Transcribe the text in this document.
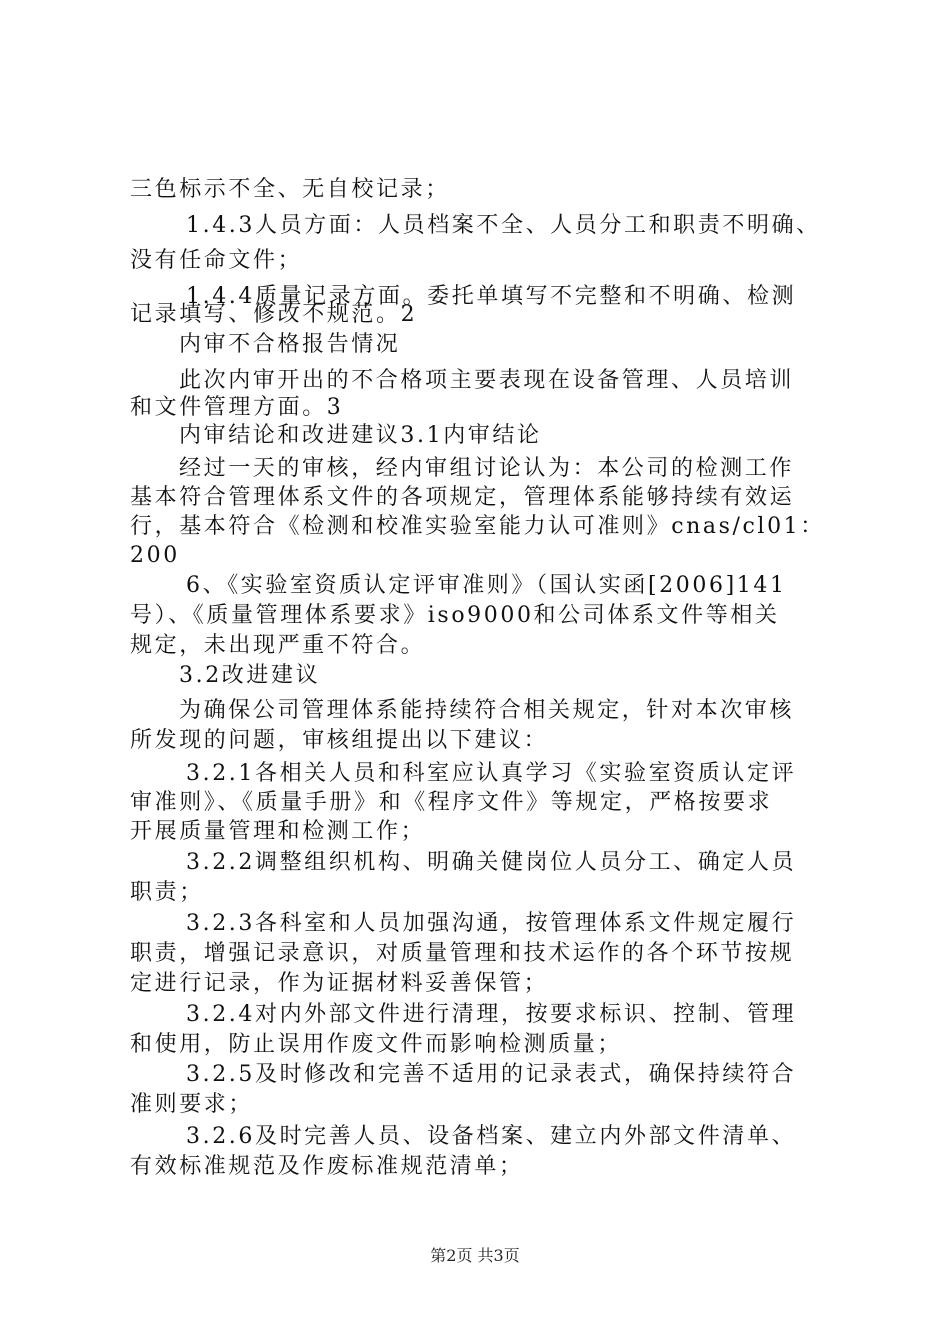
三色标示不全、无自校记录；
1.4.3人员方面：人员档案不全、人员分工和职责不明确、
没有任命文件；
1.4.4质量记录方面。委托单填写不完整和不明确、检测
记录填写、修改不规范。2
内审不合格报告情况
此次内审开出的不合格项主要表现在设备管理、人员培训
和文件管理方面。3
内审结论和改进建议3.1内审结论
经过一天的审核，经内审组讨论认为：本公司的检测工作
基本符合管理体系文件的各项规定，管理体系能够持续有效运
行，基本符合《检测和校准实验室能力认可准则》cnas/cl01：
200
6、《实验室资质认定评审准则》（国认实函[2006]141
号）、《质量管理体系要求》iso9000和公司体系文件等相关
规定，未出现严重不符合。
3.2改进建议
为确保公司管理体系能持续符合相关规定，针对本次审核
所发现的问题，审核组提出以下建议：
3.2.1各相关人员和科室应认真学习《实验室资质认定评
审准则》、《质量手册》和《程序文件》等规定，严格按要求
开展质量管理和检测工作；
3.2.2调整组织机构、明确关健岗位人员分工、确定人员
职责；
3.2.3各科室和人员加强沟通，按管理体系文件规定履行
职责，增强记录意识，对质量管理和技术运作的各个环节按规
定进行记录，作为证据材料妥善保管；
3.2.4对内外部文件进行清理，按要求标识、控制、管理
和使用，防止误用作废文件而影响检测质量；
3.2.5及时修改和完善不适用的记录表式，确保持续符合
准则要求；
3.2.6及时完善人员、设备档案、建立内外部文件清单、
有效标准规范及作废标准规范清单；
第2页 共3页
